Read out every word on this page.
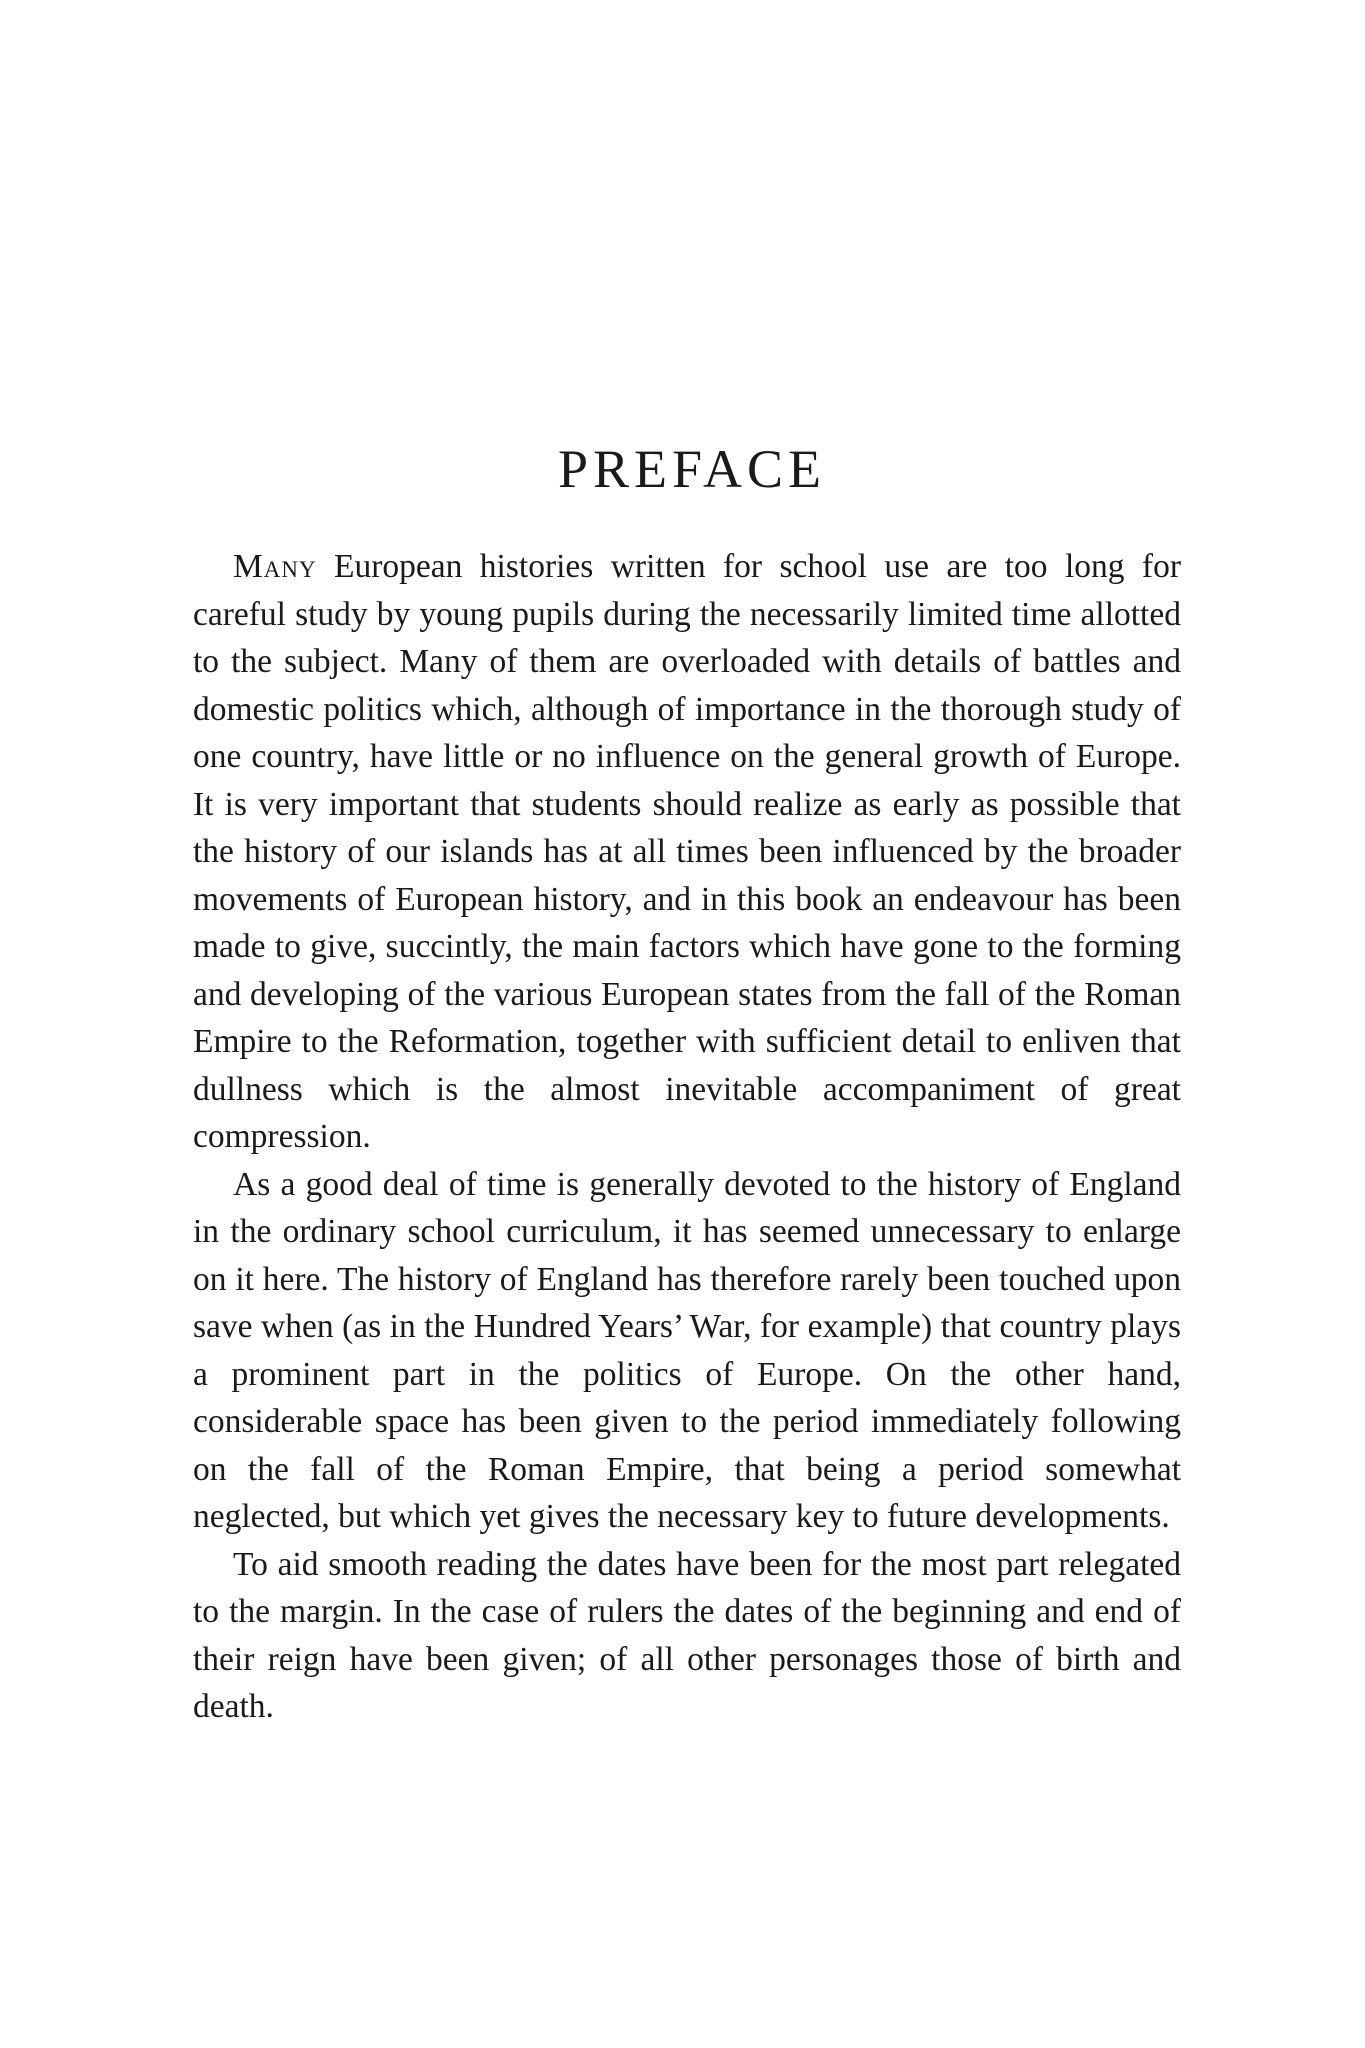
PREFACE

Many European histories written for school use are too long for careful study by young pupils during the necessarily limited time allotted to the subject. Many of them are overloaded with details of battles and domestic politics which, although of importance in the thorough study of one country, have little or no influence on the general growth of Europe. It is very important that students should realize as early as possible that the history of our islands has at all times been influenced by the broader movements of European history, and in this book an endeavour has been made to give, succintly, the main factors which have gone to the forming and developing of the various European states from the fall of the Roman Empire to the Reformation, together with sufficient detail to enliven that dullness which is the almost inevitable accompaniment of great compression.

As a good deal of time is generally devoted to the history of England in the ordinary school curriculum, it has seemed unnecessary to enlarge on it here. The history of England has therefore rarely been touched upon save when (as in the Hundred Years’ War, for example) that country plays a prominent part in the politics of Europe. On the other hand, considerable space has been given to the period immediately following on the fall of the Roman Empire, that being a period somewhat neglected, but which yet gives the necessary key to future developments.

To aid smooth reading the dates have been for the most part relegated to the margin. In the case of rulers the dates of the beginning and end of their reign have been given; of all other personages those of birth and death.
